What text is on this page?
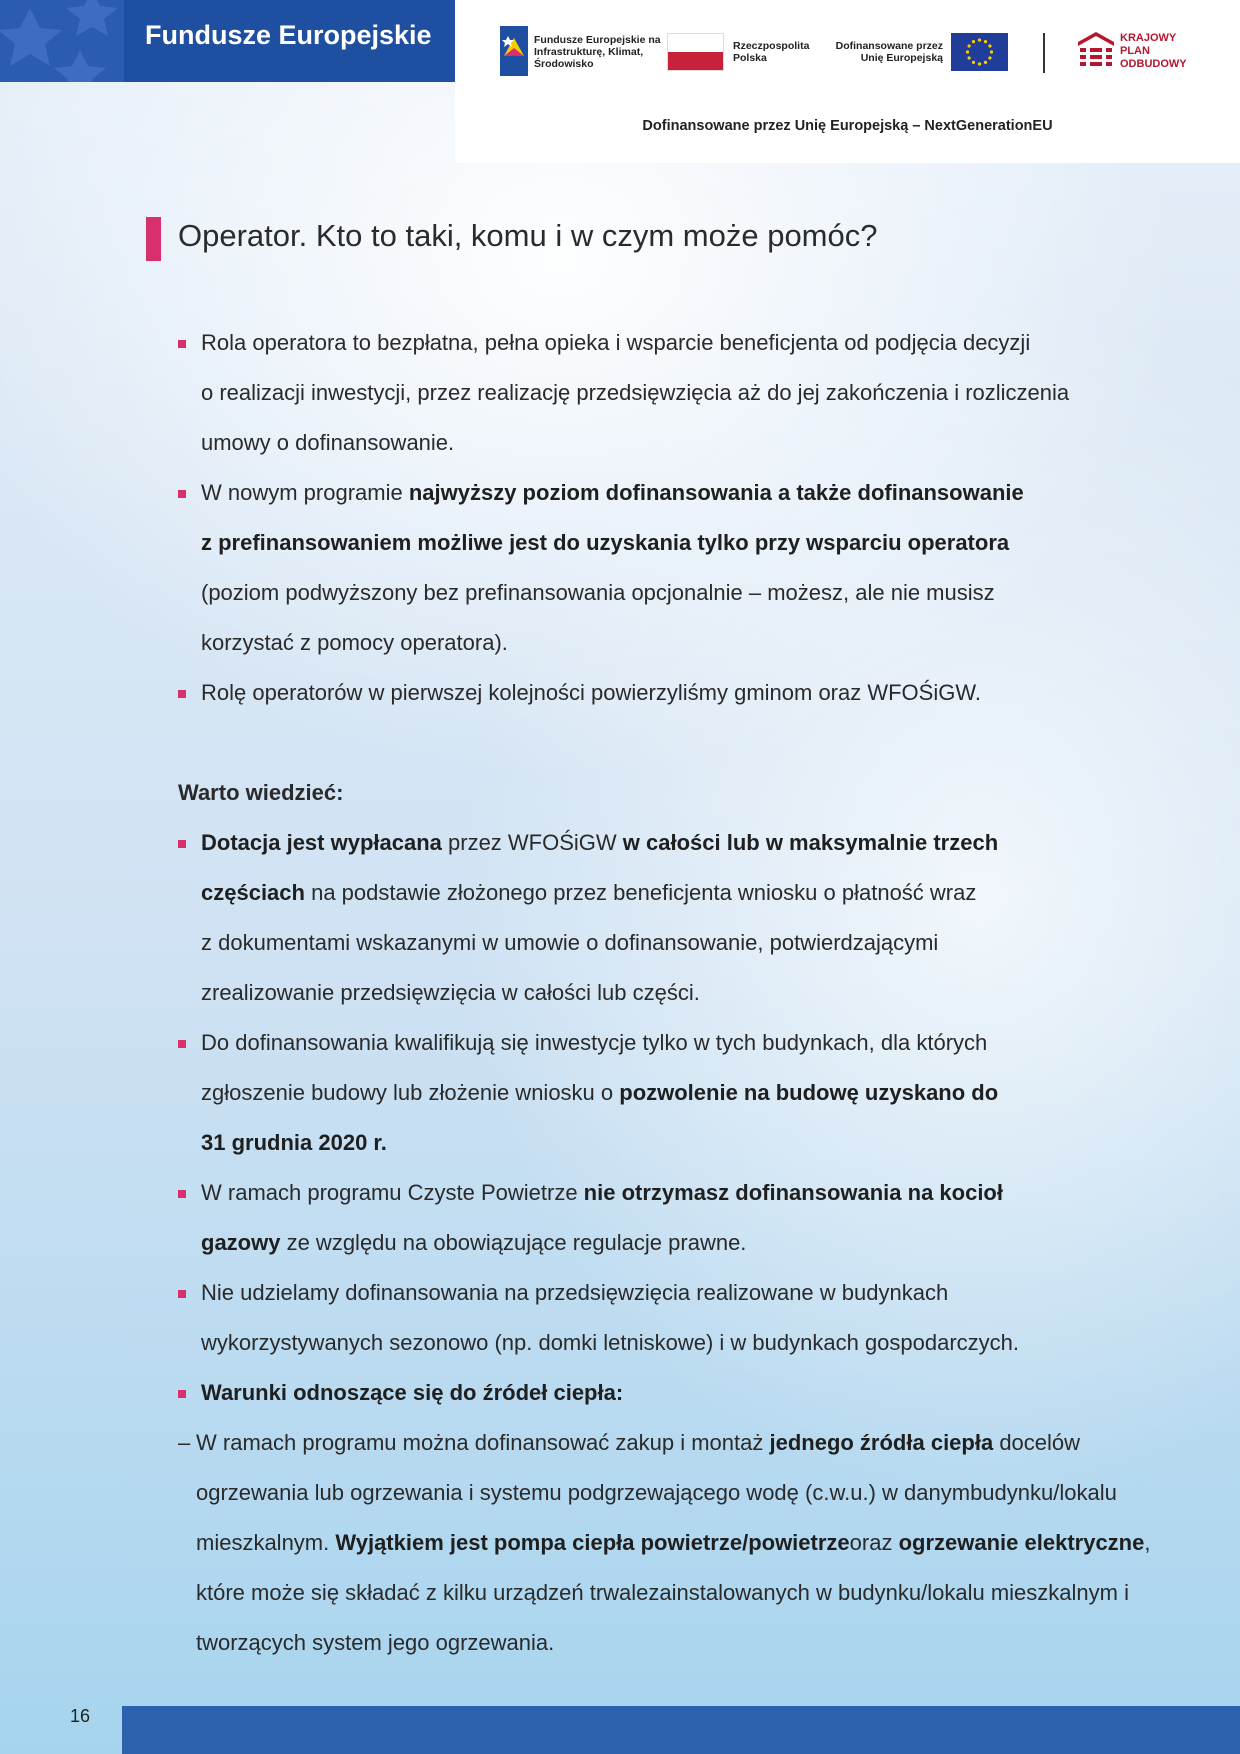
Fundusze Europejskie	Fundusze Europejskie na Infrastrukturę, Klimat, Środowisko
Rzeczpospolita Polska
Dofinansowane przez
Unię Europejską
KRAJOWY
PLAN
ODBUDOWY
Dofinansowane przez Unię Europejską – NextGenerationEU
Operator. Kto to taki, komu i w czym może pomóc?
Rola operatora to bezpłatna, pełna opieka i wsparcie beneficjenta od podjęcia decyzji
o realizacji inwestycji, przez realizację przedsięwzięcia aż do jej zakończenia i rozliczenia
umowy o dofinansowanie.
W nowym programie najwyższy poziom dofinansowania a także dofinansowanie
z prefinansowaniem możliwe jest do uzyskania tylko przy wsparciu operatora
(poziom podwyższony bez prefinansowania opcjonalnie – możesz, ale nie musisz
korzystać z pomocy operatora).
Rolę operatorów w pierwszej kolejności powierzyliśmy gminom oraz WFOŚiGW.
Warto wiedzieć:
Dotacja jest wypłacana przez WFOŚiGW w całości lub w maksymalnie trzech
częściach na podstawie złożonego przez beneficjenta wniosku o płatność wraz
z dokumentami wskazanymi w umowie o dofinansowanie, potwierdzającymi
zrealizowanie przedsięwzięcia w całości lub części.
Do dofinansowania kwalifikują się inwestycje tylko w tych budynkach, dla których
zgłoszenie budowy lub złożenie wniosku o pozwolenie na budowę uzyskano do
31 grudnia 2020 r.
W ramach programu Czyste Powietrze nie otrzymasz dofinansowania na kocioł
gazowy ze względu na obowiązujące regulacje prawne.
Nie udzielamy dofinansowania na przedsięwzięcia realizowane w budynkach
wykorzystywanych sezonowo (np. domki letniskowe) i w budynkach gospodarczych.
Warunki odnoszące się do źródeł ciepła:
– W ramach programu można dofinansować zakup i montaż jednego źródła ciepła docelów ogrzewania lub ogrzewania i systemu podgrzewającego wodę (c.w.u.) w danymbudynku/lokalu mieszkalnym. Wyjątkiem jest pompa ciepła powietrze/powietrzeoraz ogrzewanie elektryczne, które może się składać z kilku urządzeń trwalezainstalowanych w budynku/lokalu mieszkalnym i tworzących system jego ogrzewania.
16
